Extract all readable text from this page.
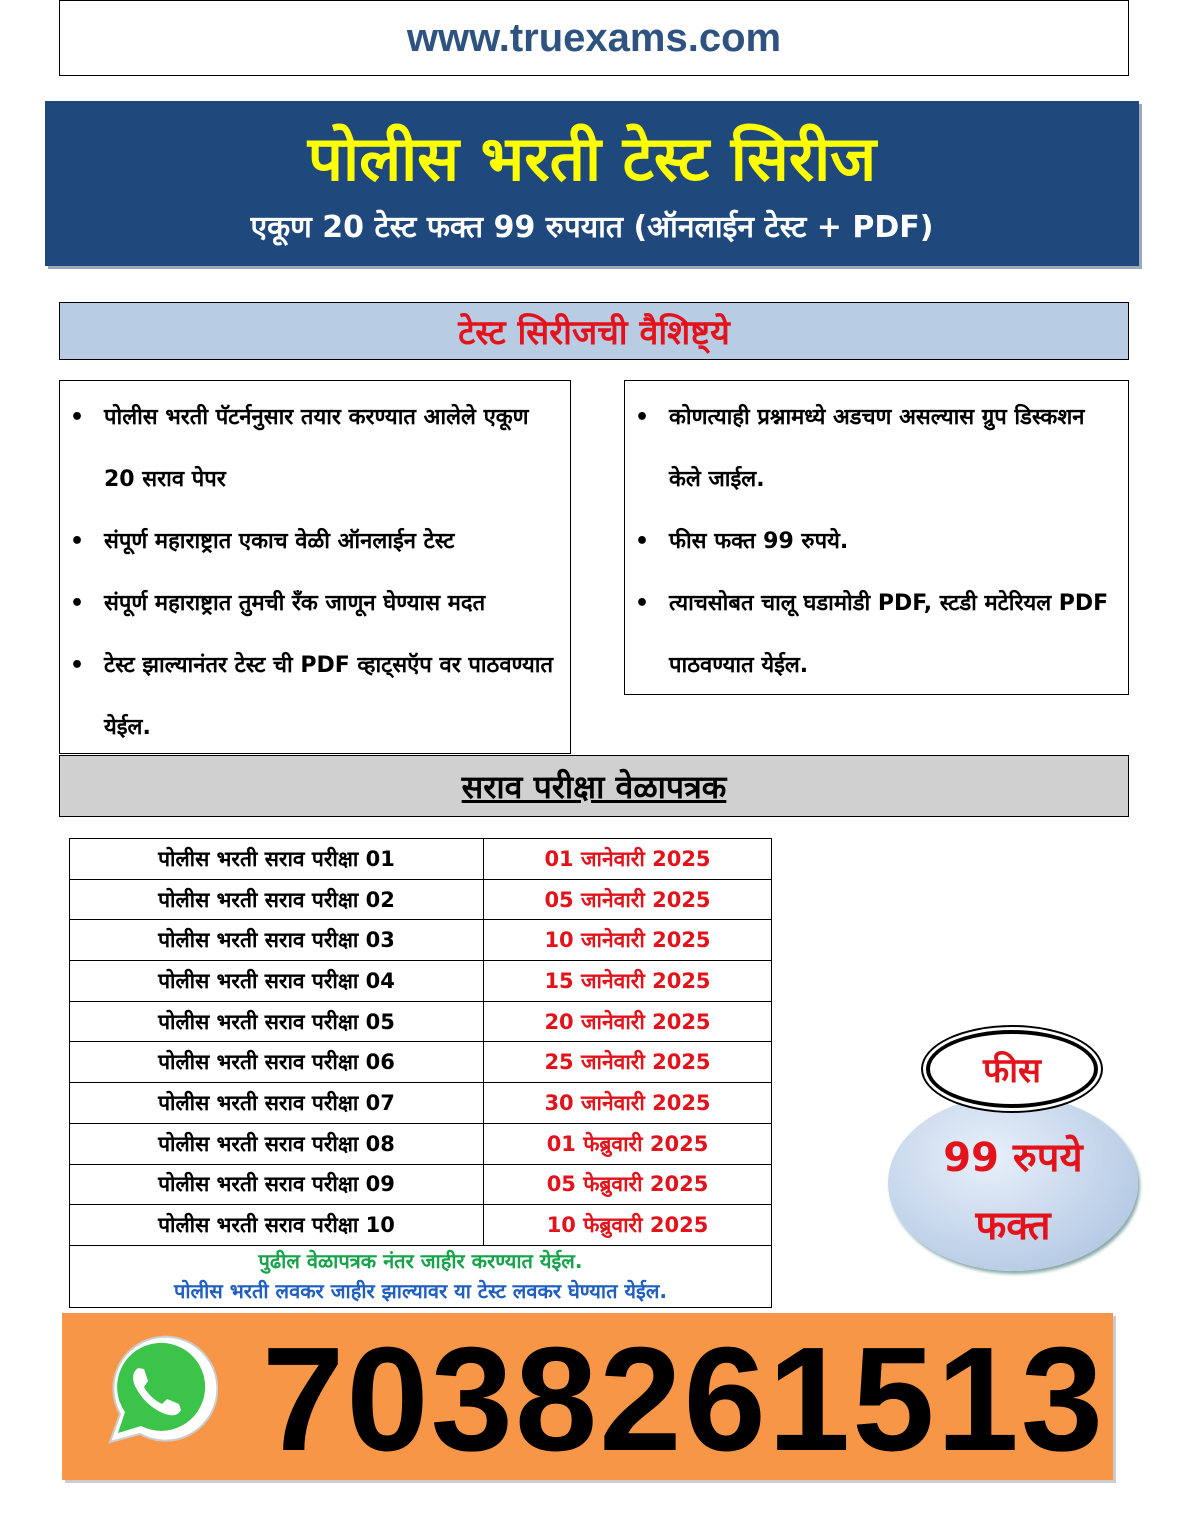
www.truexams.com
पोलीस भरती टेस्ट सिरीज
एकूण 20 टेस्ट फक्त 99 रुपयात (ऑनलाईन टेस्ट + PDF)
टेस्ट सिरीजची वैशिष्ट्ये
• पोलीस भरती पॅटर्ननुसार तयार करण्यात आलेले एकूण 20 सराव पेपर
• संपूर्ण महाराष्ट्रात एकाच वेळी ऑनलाईन टेस्ट
• संपूर्ण महाराष्ट्रात तुमची रँक जाणून घेण्यास मदत
• टेस्ट झाल्यानंतर टेस्ट ची PDF व्हाट्सऍप वर पाठवण्यात येईल.
• कोणत्याही प्रश्नामध्ये अडचण असल्यास ग्रुप डिस्कशन केले जाईल.
• फीस फक्त 99 रुपये.
• त्याचसोबत चालू घडामोडी PDF, स्टडी मटेरियल PDF पाठवण्यात येईल.
सराव परीक्षा वेळापत्रक
पोलीस भरती सराव परीक्षा 01	01 जानेवारी 2025
पोलीस भरती सराव परीक्षा 02	05 जानेवारी 2025
पोलीस भरती सराव परीक्षा 03	10 जानेवारी 2025
पोलीस भरती सराव परीक्षा 04	15 जानेवारी 2025
पोलीस भरती सराव परीक्षा 05	20 जानेवारी 2025
पोलीस भरती सराव परीक्षा 06	25 जानेवारी 2025
पोलीस भरती सराव परीक्षा 07	30 जानेवारी 2025
पोलीस भरती सराव परीक्षा 08	01 फेब्रुवारी 2025
पोलीस भरती सराव परीक्षा 09	05 फेब्रुवारी 2025
पोलीस भरती सराव परीक्षा 10	10 फेब्रुवारी 2025

पुढील वेळापत्रक नंतर जाहीर करण्यात येईल.
पोलीस भरती लवकर जाहीर झाल्यावर या टेस्ट लवकर घेण्यात येईल.	
फीस
99 रुपये
फक्त
7038261513
